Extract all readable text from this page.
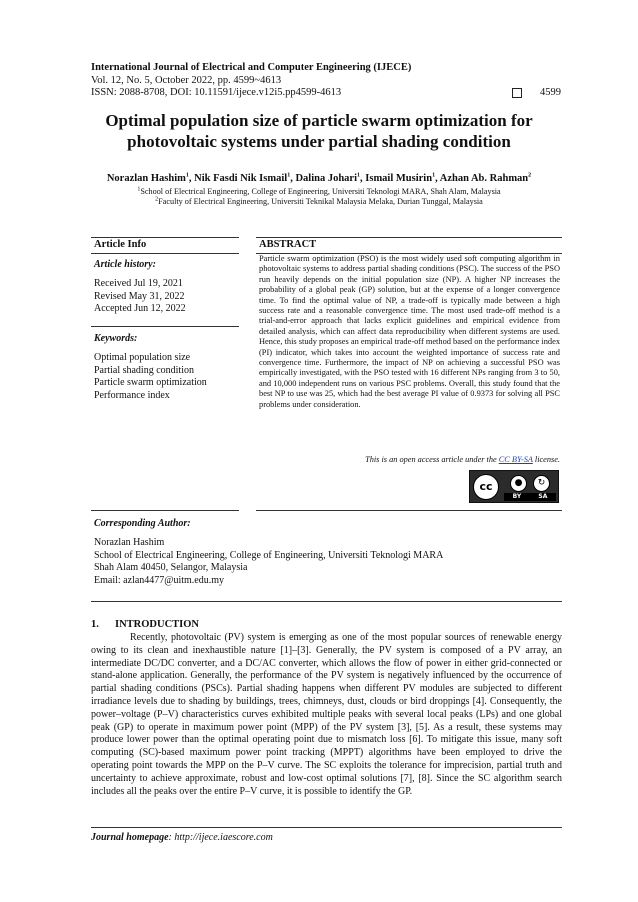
International Journal of Electrical and Computer Engineering (IJECE)
Vol. 12, No. 5, October 2022, pp. 4599~4613
ISSN: 2088-8708, DOI: 10.11591/ijece.v12i5.pp4599-4613	4599
Optimal population size of particle swarm optimization for
photovoltaic systems under partial shading condition
Norazlan Hashim$^1$, Nik Fasdi Nik Ismail$^1$, Dalina Johari$^1$, Ismail Musirin$^1$, Azhan Ab. Rahman$^2$
$^1$School of Electrical Engineering, College of Engineering, Universiti Teknologi MARA, Shah Alam, Malaysia
$^2$Faculty of Electrical Engineering, Universiti Teknikal Malaysia Melaka, Durian Tunggal, Malaysia
Article Info	ABSTRACT
Article history:
Received Jul 19, 2021
Revised May 31, 2022
Accepted Jun 12, 2022
Keywords:
Optimal population size
Partial shading condition
Particle swarm optimization
Performance index
Particle swarm optimization (PSO) is the most widely used soft computing algorithm in photovoltaic systems to address partial shading conditions (PSC). The success of the PSO run heavily depends on the initial population size (NP). A higher NP increases the probability of a global peak (GP) solution, but at the expense of a longer convergence time. To find the optimal value of NP, a trade-off is typically made between a high success rate and a reasonable convergence time. The most used trade-off method is a trial-and-error approach that lacks explicit guidelines and empirical evidence from detailed analysis, which can affect data reproducibility when different systems are used. Hence, this study proposes an empirical trade-off method based on the performance index (PI) indicator, which takes into account the weighted importance of success rate and convergence time. Furthermore, the impact of NP on achieving a successful PSO was empirically investigated, with the PSO tested with 16 different NPs ranging from 3 to 50, and 10,000 independent runs on various PSC problems. Overall, this study found that the best NP to use was 25, which had the best average PI value of 0.9373 for solving all PSC problems under consideration.
This is an open access article under the CC BY-SA license.
cc	●	↻
BY	SA
Corresponding Author:
Norazlan Hashim
School of Electrical Engineering, College of Engineering, Universiti Teknologi MARA
Shah Alam 40450, Selangor, Malaysia
Email: azlan4477@uitm.edu.my
1. INTRODUCTION
Recently, photovoltaic (PV) system is emerging as one of the most popular sources of renewable energy owing to its clean and inexhaustible nature [1]–[3]. Generally, the PV system is composed of a PV array, an intermediate DC/DC converter, and a DC/AC converter, which allows the flow of power in either grid-connected or stand-alone application. Generally, the performance of the PV system is negatively influenced by the occurrence of partial shading conditions (PSCs). Partial shading happens when different PV modules are subjected to different irradiance levels due to shading by buildings, trees, chimneys, dust, clouds or bird droppings [4]. Consequently, the power–voltage (P–V) characteristics curves exhibited multiple peaks with several local peaks (LPs) and one global peak (GP) to operate in maximum power point (MPP) of the PV system [3], [5]. As a result, these systems may produce lower power than the optimal operating point due to mismatch loss [6]. To mitigate this issue, many soft computing (SC)-based maximum power point tracking (MPPT) algorithms have been employed to drive the operating point towards the MPP on the P–V curve. The SC exploits the tolerance for imprecision, partial truth and uncertainty to achieve approximate, robust and low-cost optimal solutions [7], [8]. Since the SC algorithm search includes all the peaks over the entire P–V curve, it is possible to identify the GP.
Journal homepage: http://ijece.iaescore.com
